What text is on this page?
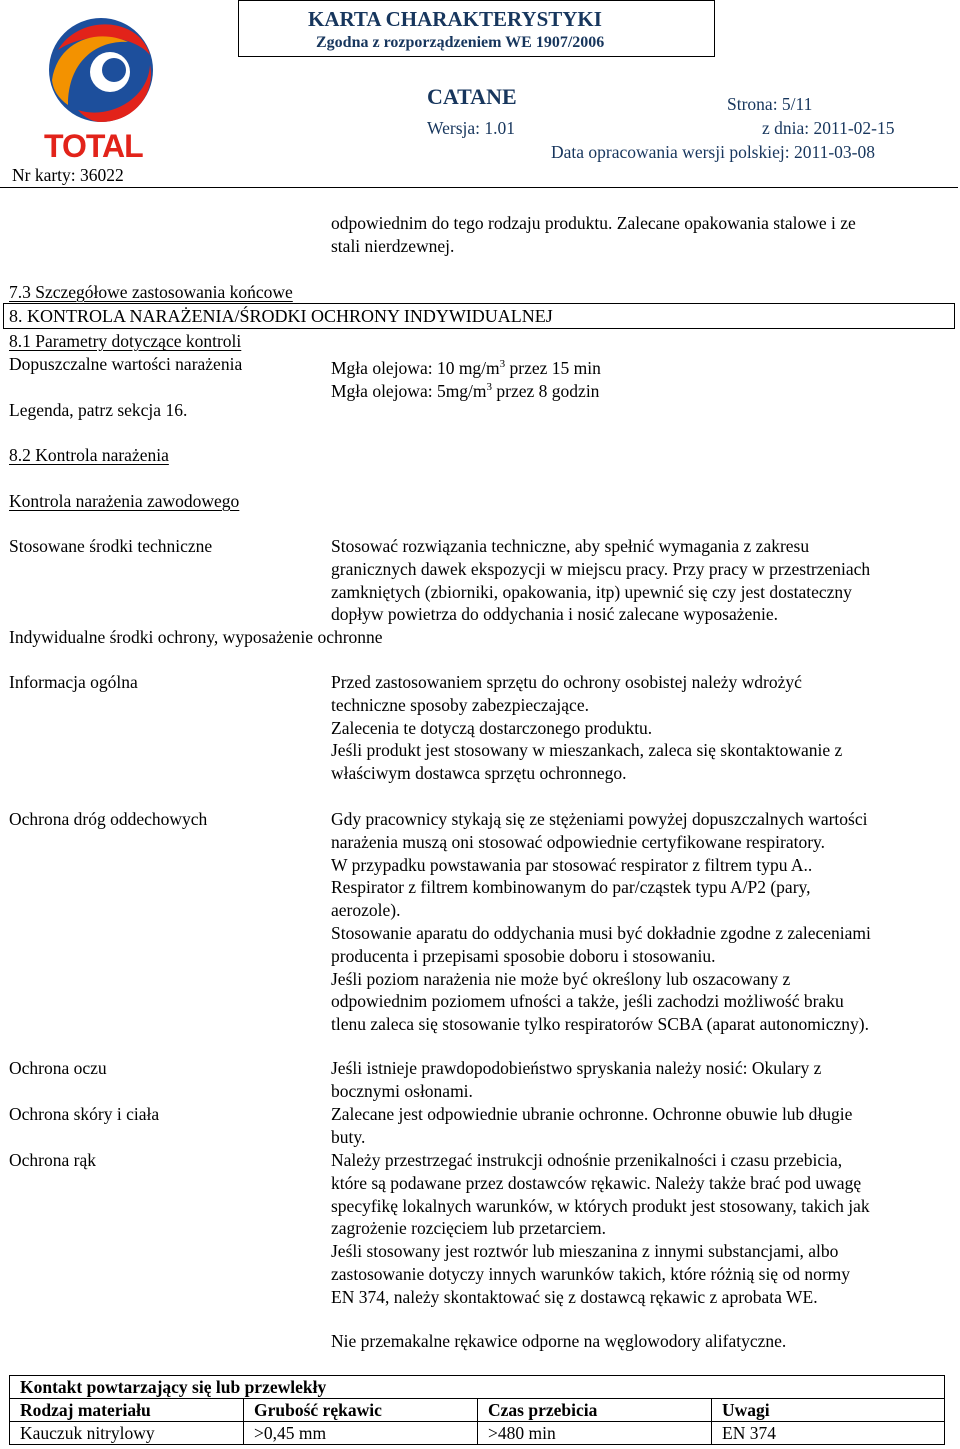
TOTAL
KARTA CHARAKTERYSTYKI
Zgodna z rozporządzeniem WE 1907/2006
CATANE	Strona: 5/11
Wersja: 1.01	z dnia: 2011-02-15
Data opracowania wersji polskiej: 2011-03-08
Nr karty: 36022
odpowiednim do tego rodzaju produktu. Zalecane opakowania stalowe i ze
stali nierdzewnej.
7.3 Szczegółowe zastosowania końcowe
8. KONTROLA NARAŻENIA/ŚRODKI OCHRONY INDYWIDUALNEJ
8.1 Parametry dotyczące kontroli
Dopuszczalne wartości narażenia	Mgła olejowa: 10 $mg/m^3$ przez 15 min
Mgła olejowa: $5mg/m^3$ przez 8 godzin
Legenda, patrz sekcja 16.
8.2 Kontrola narażenia
Kontrola narażenia zawodowego
Stosowane środki techniczne	Stosować rozwiązania techniczne, aby spełnić wymagania z zakresu
granicznych dawek ekspozycji w miejscu pracy. Przy pracy w przestrzeniach
zamkniętych (zbiorniki, opakowania, itp) upewnić się czy jest dostateczny
dopływ powietrza do oddychania i nosić zalecane wyposażenie.
Indywidualne środki ochrony, wyposażenie ochronne
Informacja ogólna	Przed zastosowaniem sprzętu do ochrony osobistej należy wdrożyć
techniczne sposoby zabezpieczające.
Zalecenia te dotyczą dostarczonego produktu.
Jeśli produkt jest stosowany w mieszankach, zaleca się skontaktowanie z
właściwym dostawca sprzętu ochronnego.
Ochrona dróg oddechowych	Gdy pracownicy stykają się ze stężeniami powyżej dopuszczalnych wartości
narażenia muszą oni stosować odpowiednie certyfikowane respiratory.
W przypadku powstawania par stosować respirator z filtrem typu A..
Respirator z filtrem kombinowanym do par/cząstek typu A/P2 (pary,
aerozole).
Stosowanie aparatu do oddychania musi być dokładnie zgodne z zaleceniami
producenta i przepisami sposobie doboru i stosowaniu.
Jeśli poziom narażenia nie może być określony lub oszacowany z
odpowiednim poziomem ufności a także, jeśli zachodzi możliwość braku
tlenu zaleca się stosowanie tylko respiratorów SCBA (aparat autonomiczny).
Ochrona oczu	Jeśli istnieje prawdopodobieństwo spryskania należy nosić: Okulary z
bocznymi osłonami.
Ochrona skóry i ciała	Zalecane jest odpowiednie ubranie ochronne. Ochronne obuwie lub długie
buty.
Ochrona rąk	Należy przestrzegać instrukcji odnośnie przenikalności i czasu przebicia,
które są podawane przez dostawców rękawic. Należy także brać pod uwagę
specyfikę lokalnych warunków, w których produkt jest stosowany, takich jak
zagrożenie rozcięciem lub przetarciem.
Jeśli stosowany jest roztwór lub mieszanina z innymi substancjami, albo
zastosowanie dotyczy innych warunków takich, które różnią się od normy
EN 374, należy skontaktować się z dostawcą rękawic z aprobata WE.
Nie przemakalne rękawice odporne na węglowodory alifatyczne.
Kontakt powtarzający się lub przewlekły			
Rodzaj materiału	Grubość rękawic	Czas przebicia	Uwagi
Kauczuk nitrylowy	>0,45 mm	>480 min	EN 374
